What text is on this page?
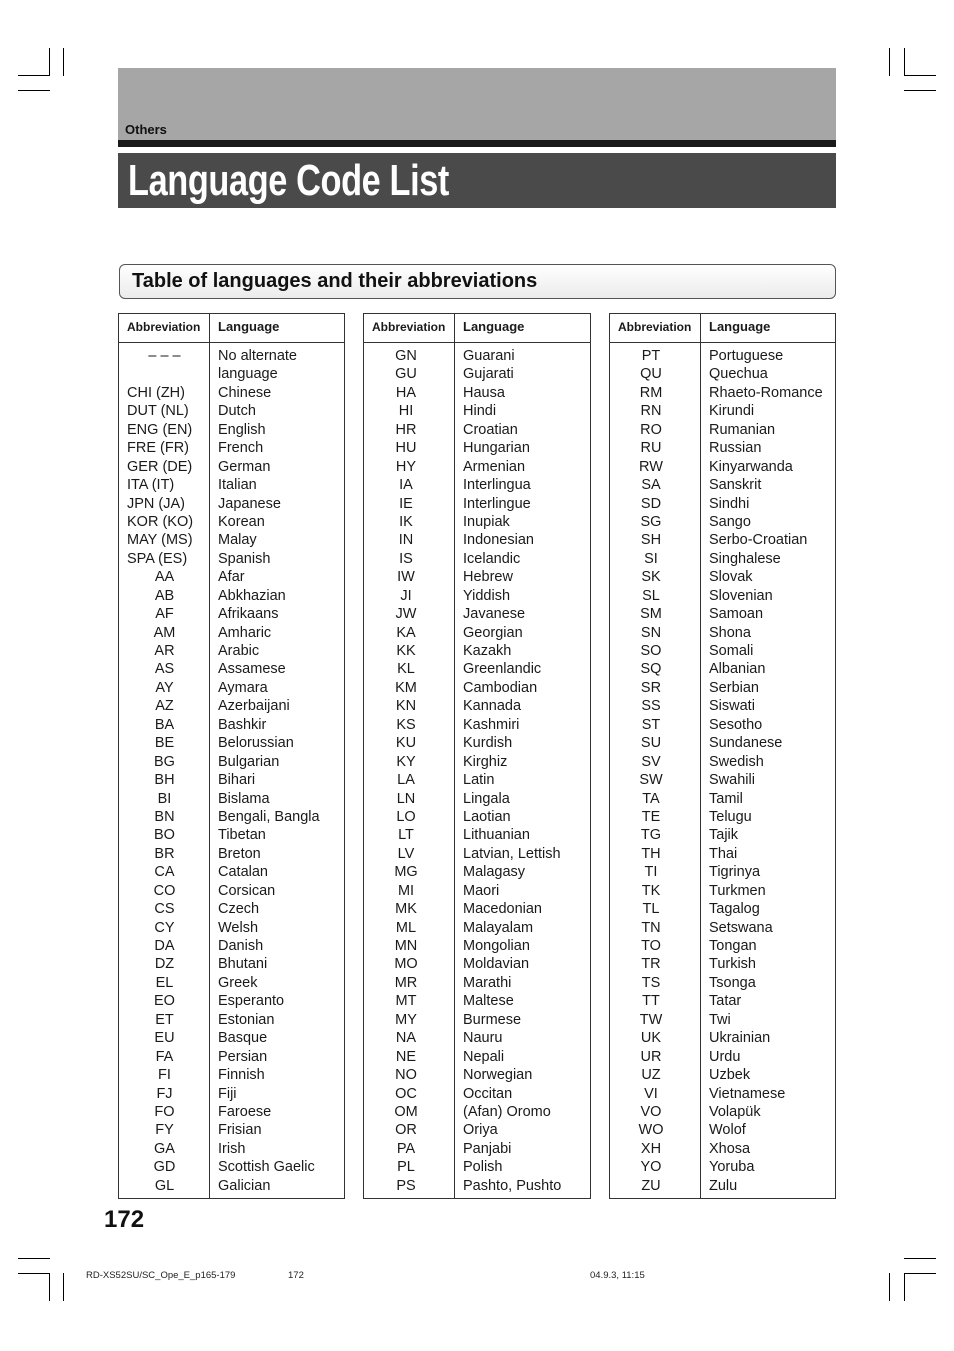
Others
Language Code List
Table of languages and their abbreviations
Abbreviation Language
– – –	No alternate
language
CHI (ZH)	Chinese
DUT (NL)	Dutch
ENG (EN)	English
FRE (FR)	French
GER (DE)	German
ITA (IT)	Italian
JPN (JA)	Japanese
KOR (KO)	Korean
MAY (MS)	Malay
SPA (ES)	Spanish
AA	Afar
AB	Abkhazian
AF	Afrikaans
AM	Amharic
AR	Arabic
AS	Assamese
AY	Aymara
AZ	Azerbaijani
BA	Bashkir
BE	Belorussian
BG	Bulgarian
BH	Bihari
BI	Bislama
BN	Bengali, Bangla
BO	Tibetan
BR	Breton
CA	Catalan
CO	Corsican
CS	Czech
CY	Welsh
DA	Danish
DZ	Bhutani
EL	Greek
EO	Esperanto
ET	Estonian
EU	Basque
FA	Persian
FI	Finnish
FJ	Fiji
FO	Faroese
FY	Frisian
GA	Irish
GD	Scottish Gaelic
GL	Galician
Abbreviation Language
GN	Guarani
GU	Gujarati
HA	Hausa
HI	Hindi
HR	Croatian
HU	Hungarian
HY	Armenian
IA	Interlingua
IE	Interlingue
IK	Inupiak
IN	Indonesian
IS	Icelandic
IW	Hebrew
JI	Yiddish
JW	Javanese
KA	Georgian
KK	Kazakh
KL	Greenlandic
KM	Cambodian
KN	Kannada
KS	Kashmiri
KU	Kurdish
KY	Kirghiz
LA	Latin
LN	Lingala
LO	Laotian
LT	Lithuanian
LV	Latvian, Lettish
MG	Malagasy
MI	Maori
MK	Macedonian
ML	Malayalam
MN	Mongolian
MO	Moldavian
MR	Marathi
MT	Maltese
MY	Burmese
NA	Nauru
NE	Nepali
NO	Norwegian
OC	Occitan
OM	(Afan) Oromo
OR	Oriya
PA	Panjabi
PL	Polish
PS	Pashto, Pushto
Abbreviation Language
PT	Portuguese
QU	Quechua
RM	Rhaeto-Romance
RN	Kirundi
RO	Rumanian
RU	Russian
RW	Kinyarwanda
SA	Sanskrit
SD	Sindhi
SG	Sango
SH	Serbo-Croatian
SI	Singhalese
SK	Slovak
SL	Slovenian
SM	Samoan
SN	Shona
SO	Somali
SQ	Albanian
SR	Serbian
SS	Siswati
ST	Sesotho
SU	Sundanese
SV	Swedish
SW	Swahili
TA	Tamil
TE	Telugu
TG	Tajik
TH	Thai
TI	Tigrinya
TK	Turkmen
TL	Tagalog
TN	Setswana
TO	Tongan
TR	Turkish
TS	Tsonga
TT	Tatar
TW	Twi
UK	Ukrainian
UR	Urdu
UZ	Uzbek
VI	Vietnamese
VO	Volapük
WO	Wolof
XH	Xhosa
YO	Yoruba
ZU	Zulu
172
RD-XS52SU/SC_Ope_E_p165-179	172	04.9.3, 11:15
